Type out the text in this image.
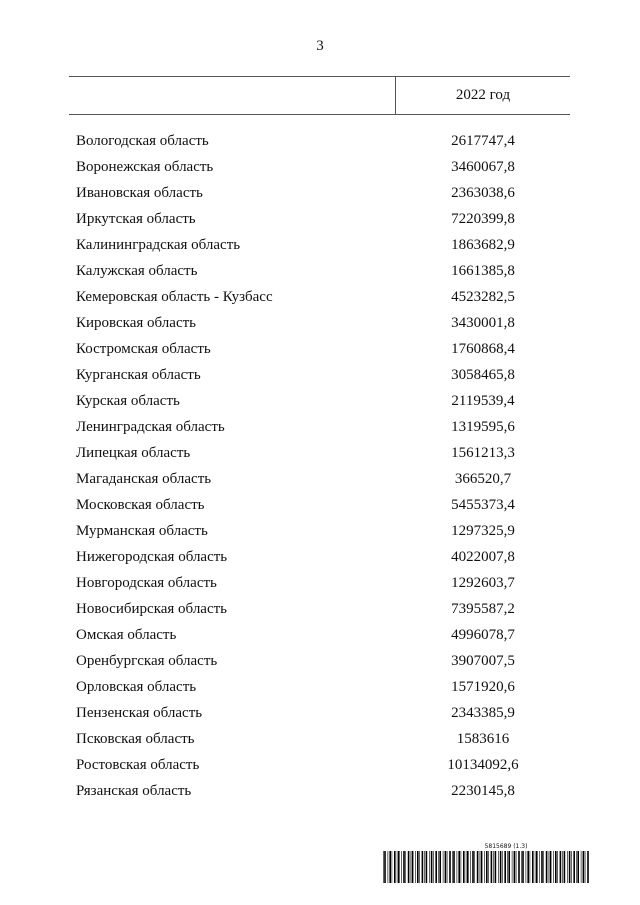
3
2022 год
Вологодская область	2617747,4
Воронежская область	3460067,8
Ивановская область	2363038,6
Иркутская область	7220399,8
Калининградская область	1863682,9
Калужская область	1661385,8
Кемеровская область - Кузбасс	4523282,5
Кировская область	3430001,8
Костромская область	1760868,4
Курганская область	3058465,8
Курская область	2119539,4
Ленинградская область	1319595,6
Липецкая область	1561213,3
Магаданская область	366520,7
Московская область	5455373,4
Мурманская область	1297325,9
Нижегородская область	4022007,8
Новгородская область	1292603,7
Новосибирская область	7395587,2
Омская область	4996078,7
Оренбургская область	3907007,5
Орловская область	1571920,6
Пензенская область	2343385,9
Псковская область	1583616
Ростовская область	10134092,6
Рязанская область	2230145,8
5815689 (1.3)
